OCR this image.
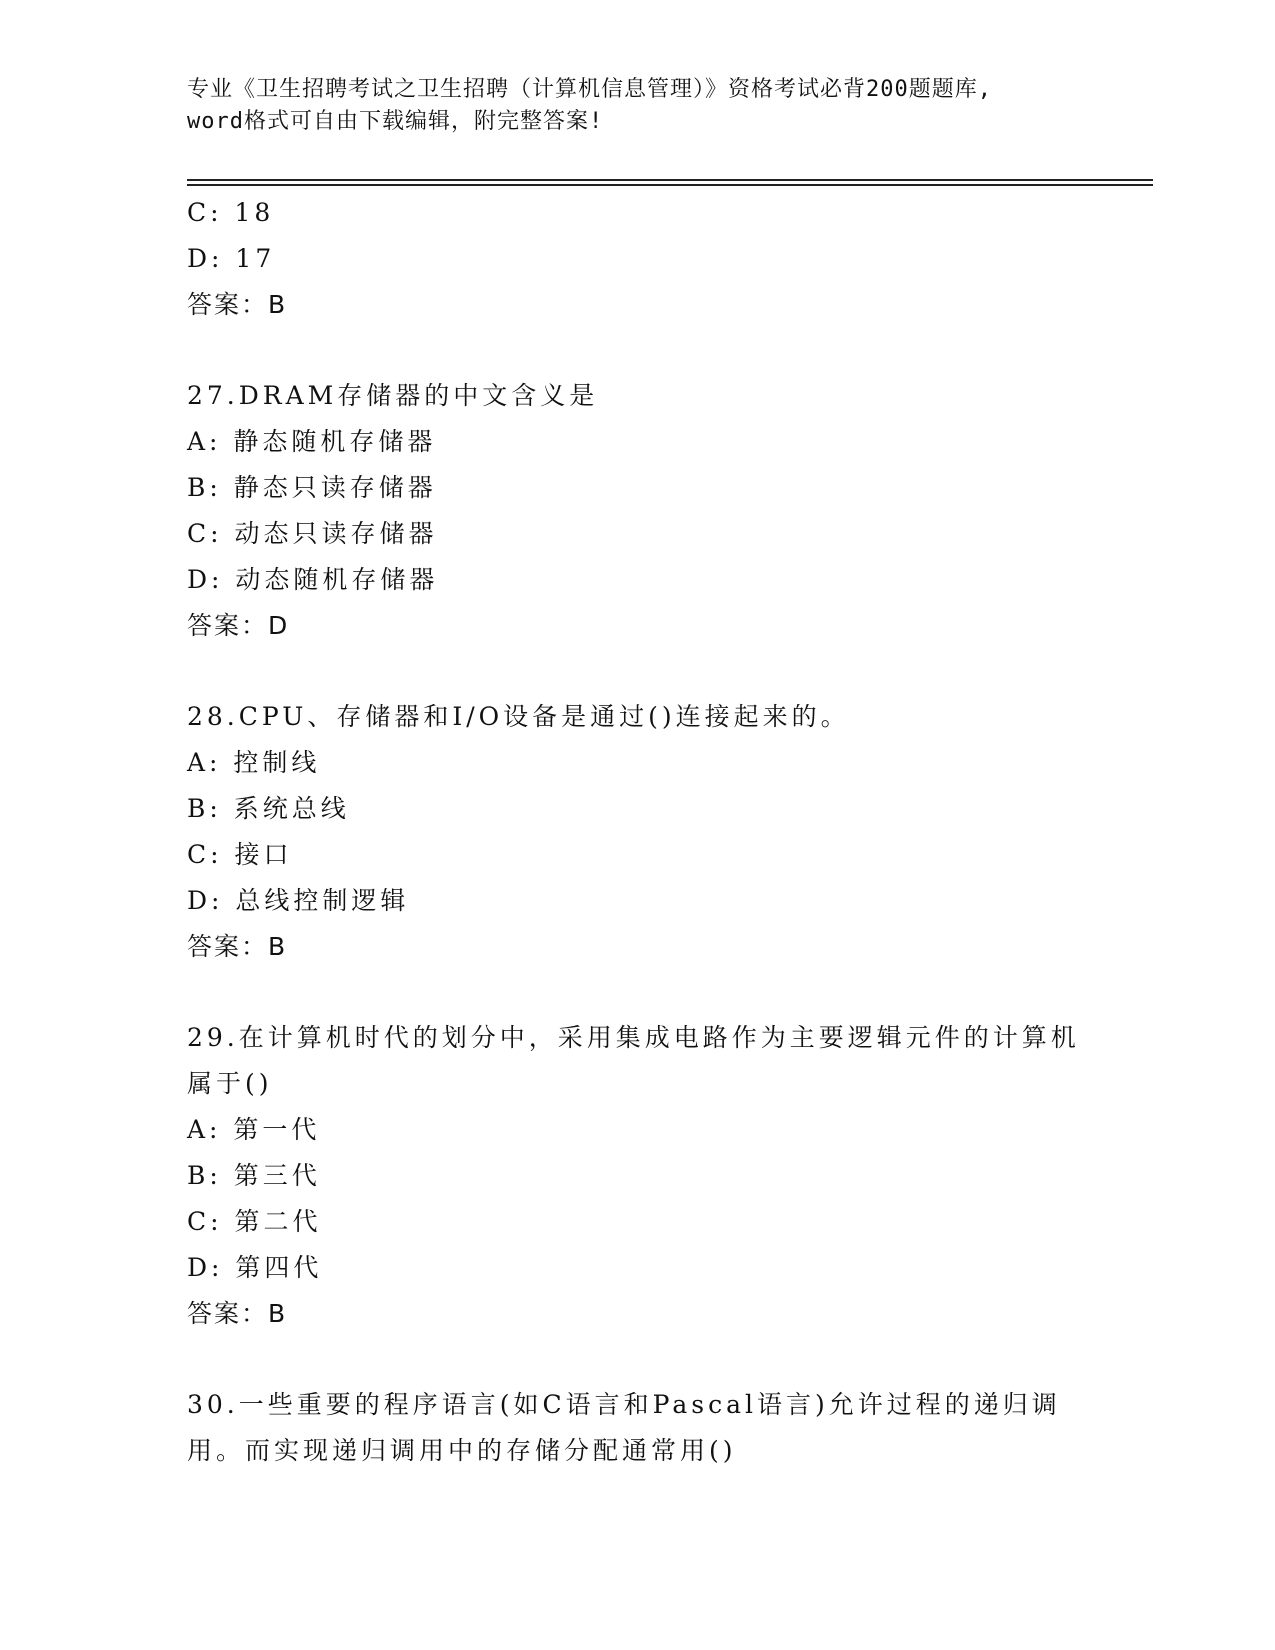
专业《卫生招聘考试之卫生招聘（计算机信息管理）》资格考试必背200题题库,
word格式可自由下载编辑，附完整答案!
C: 18
D: 17
答案：B
27.DRAM存储器的中文含义是
A: 静态随机存储器
B: 静态只读存储器
C: 动态只读存储器
D: 动态随机存储器
答案：D
28.CPU、存储器和I/O设备是通过()连接起来的。
A: 控制线
B: 系统总线
C: 接口
D: 总线控制逻辑
答案：B
29.在计算机时代的划分中，采用集成电路作为主要逻辑元件的计算机
属于()
A: 第一代
B: 第三代
C: 第二代
D: 第四代
答案：B
30.一些重要的程序语言(如C语言和Pascal语言)允许过程的递归调
用。而实现递归调用中的存储分配通常用()
